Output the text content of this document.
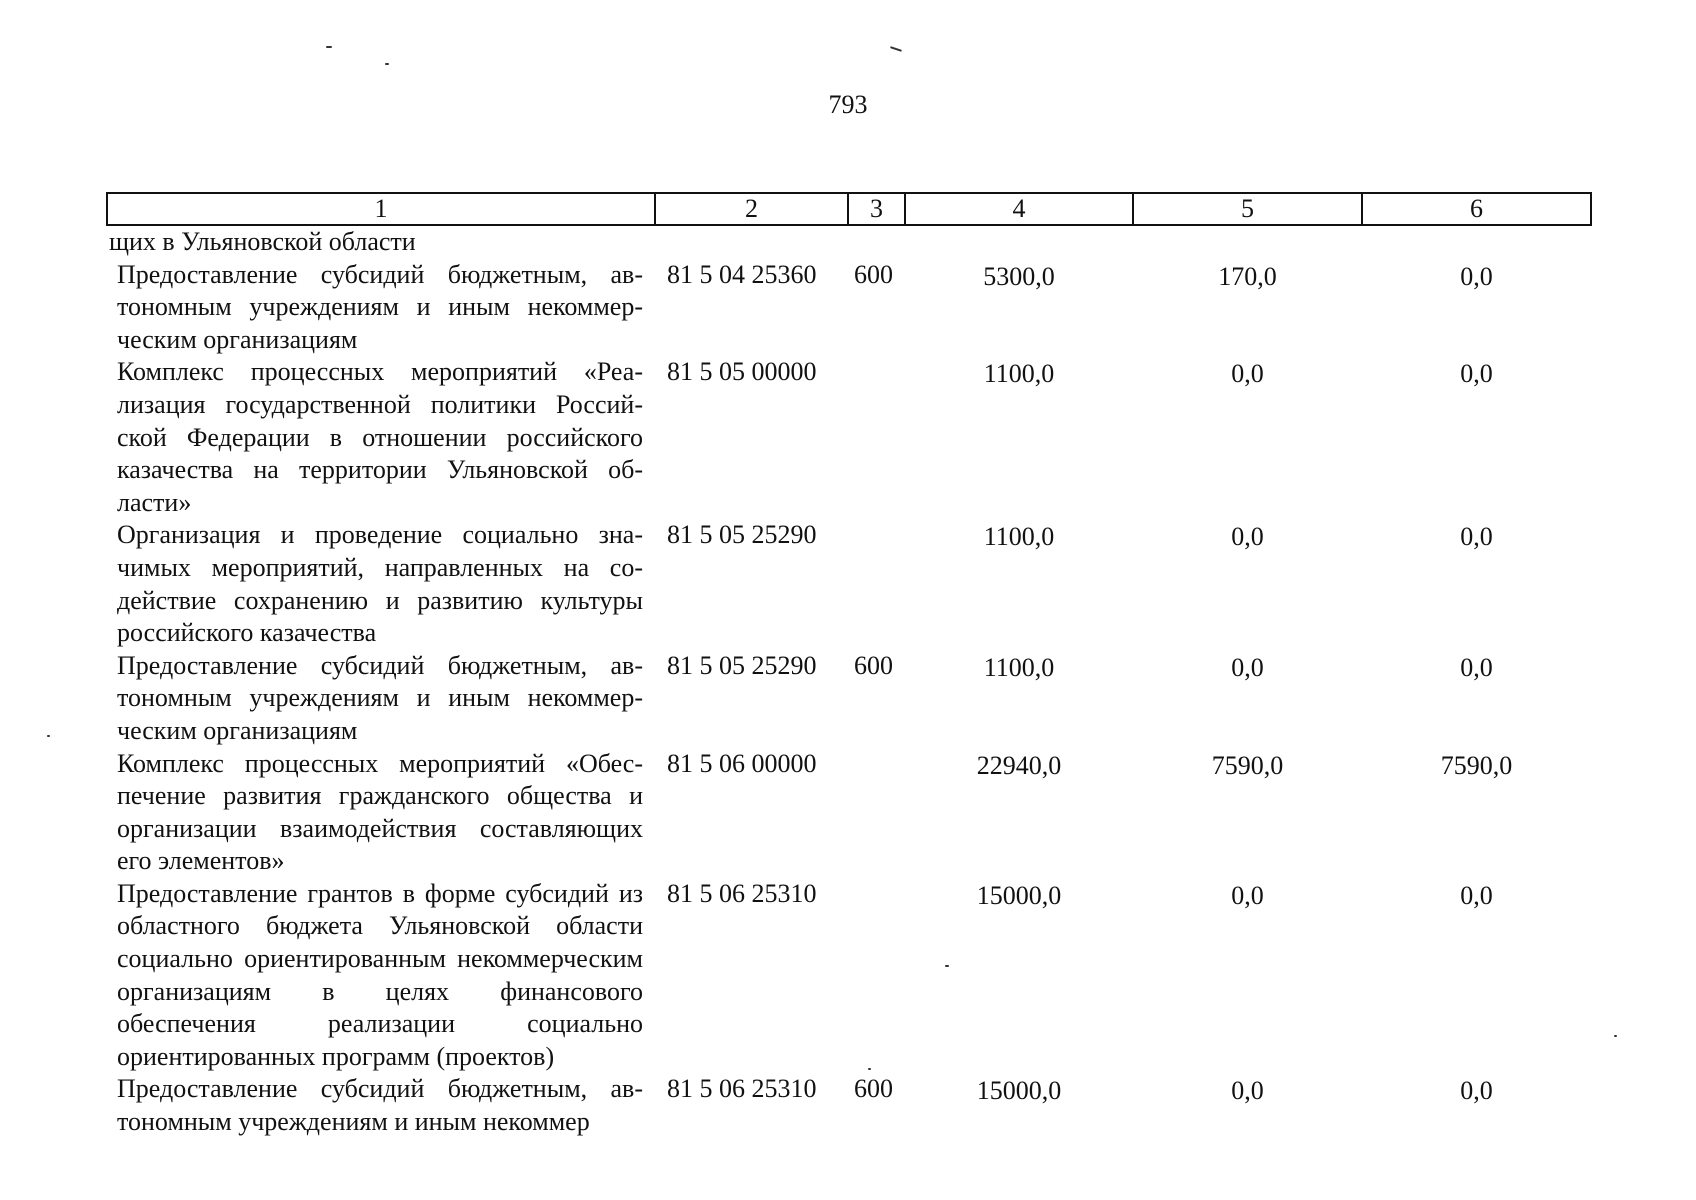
793
1	2	3	4	5	6
щих в Ульяновской области					
Предоставление субсидий бюджетным, автономным учреждениям и иным некоммерческим организациям	81 5 04 25360	600	5300,0	170,0	0,0
Комплекс процессных мероприятий «Реализация государственной политики Российской Федерации в отношении российского казачества на территории Ульяновской области»	81 5 05 00000		1100,0	0,0	0,0
Организация и проведение социально значимых мероприятий, направленных на содействие сохранению и развитию культуры российского казачества	81 5 05 25290		1100,0	0,0	0,0
Предоставление субсидий бюджетным, автономным учреждениям и иным некоммерческим организациям	81 5 05 25290	600	1100,0	0,0	0,0
Комплекс процессных мероприятий «Обеспечение развития гражданского общества и организации взаимодействия составляющих его элементов»	81 5 06 00000		22940,0	7590,0	7590,0
Предоставление грантов в форме субсидий из областного бюджета Ульяновской области социально ориентированным некоммерческим организациям в целях финансового обеспечения реализации социально ориентированных программ (проектов)	81 5 06 25310		15000,0	0,0	0,0
Предоставление субсидий бюджетным, автономным учреждениям и иным некоммер	81 5 06 25310	600	15000,0	0,0	0,0
